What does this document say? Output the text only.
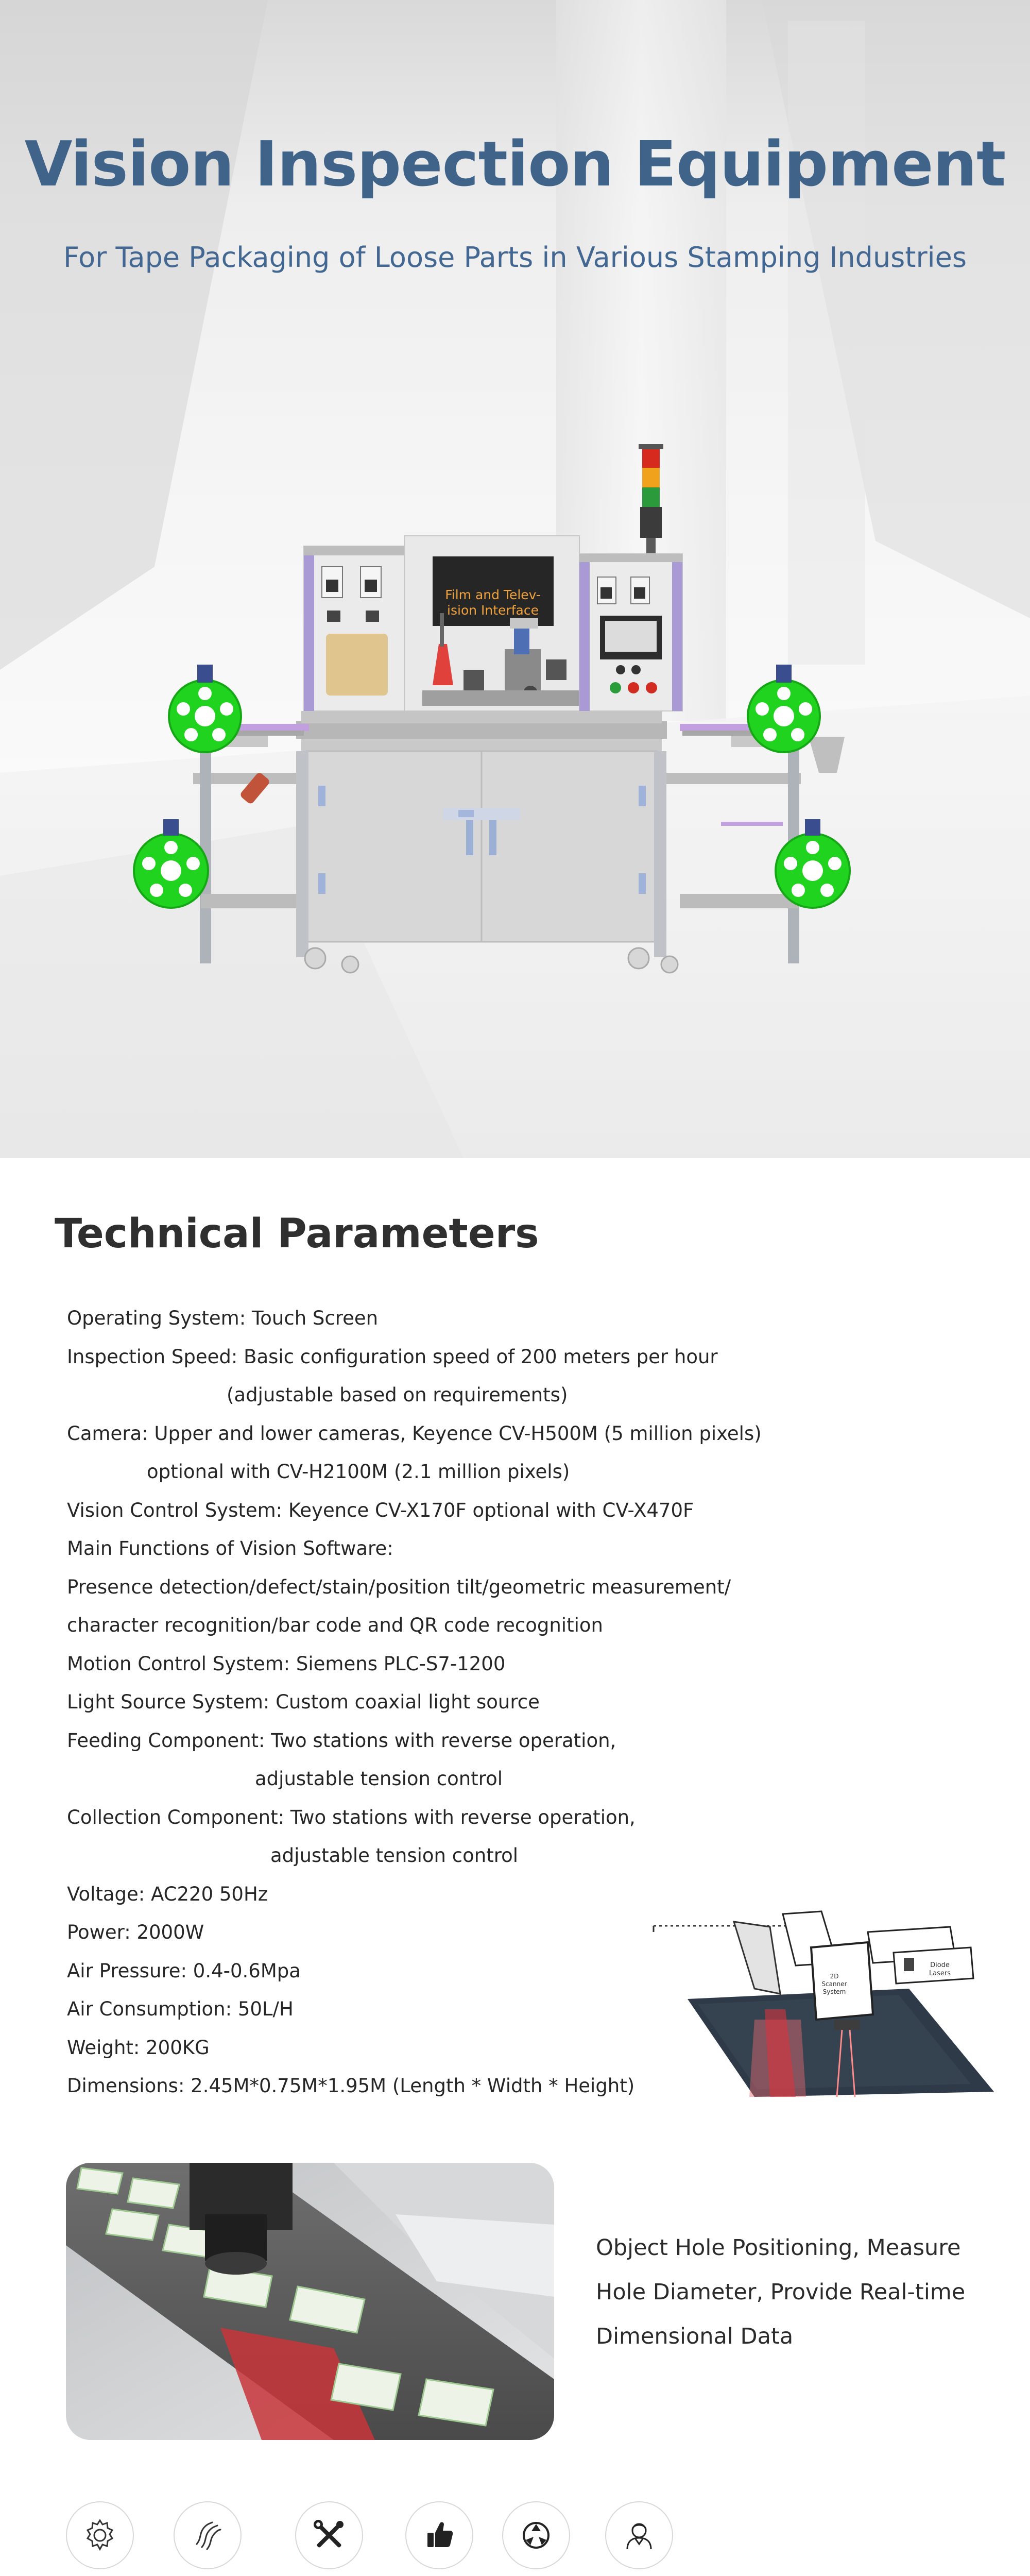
Vision Inspection Equipment

For Tape Packaging of Loose Parts in Various Stamping Industries

Film and Telev-
ision Interface
Technical Parameters
Operating System: Touch Screen
Inspection Speed: Basic configuration speed of 200 meters per hour
(adjustable based on requirements)
Camera: Upper and lower cameras, Keyence CV-H500M (5 million pixels)
optional with CV-H2100M (2.1 million pixels)
Vision Control System: Keyence CV-X170F optional with CV-X470F
Main Functions of Vision Software:
Presence detection/defect/stain/position tilt/geometric measurement/
character recognition/bar code and QR code recognition
Motion Control System: Siemens PLC-S7-1200
Light Source System: Custom coaxial light source
Feeding Component: Two stations with reverse operation,
adjustable tension control
Collection Component: Two stations with reverse operation,
adjustable tension control
Voltage: AC220 50Hz
Power: 2000W
Air Pressure: 0.4-0.6Mpa
Air Consumption: 50L/H
Weight: 200KG
Dimensions: 2.45M*0.75M*1.95M (Length * Width * Height)
2D
Scanner
System
Diode
Lasers

Object Hole Positioning, Measure Hole Diameter, Provide Real-time Dimensional Data
